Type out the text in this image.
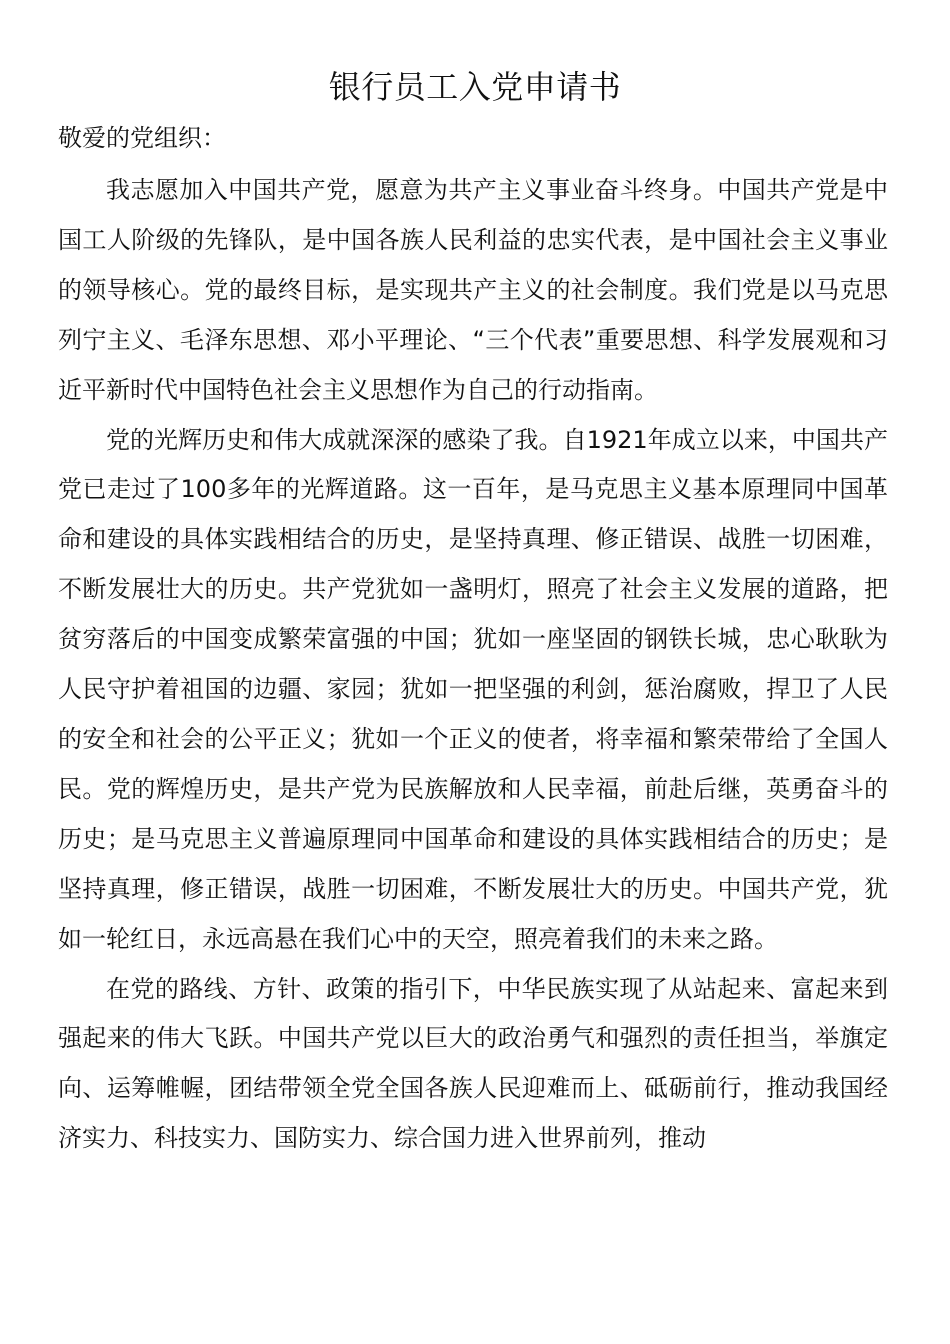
银行员工入党申请书

敬爱的党组织：

我志愿加入中国共产党，愿意为共产主义事业奋斗终身。中国共产党是中国工人阶级的先锋队，是中国各族人民利益的忠实代表，是中国社会主义事业的领导核心。党的最终目标，是实现共产主义的社会制度。我们党是以马克思列宁主义、毛泽东思想、邓小平理论、“三个代表”重要思想、科学发展观和习近平新时代中国特色社会主义思想作为自己的行动指南。

党的光辉历史和伟大成就深深的感染了我。自1921年成立以来，中国共产党已走过了100多年的光辉道路。这一百年，是马克思主义基本原理同中国革命和建设的具体实践相结合的历史，是坚持真理、修正错误、战胜一切困难，不断发展壮大的历史。共产党犹如一盏明灯，照亮了社会主义发展的道路，把贫穷落后的中国变成繁荣富强的中国；犹如一座坚固的钢铁长城，忠心耿耿为人民守护着祖国的边疆、家园；犹如一把坚强的利剑，惩治腐败，捍卫了人民的安全和社会的公平正义；犹如一个正义的使者，将幸福和繁荣带给了全国人民。党的辉煌历史，是共产党为民族解放和人民幸福，前赴后继，英勇奋斗的历史；是马克思主义普遍原理同中国革命和建设的具体实践相结合的历史；是坚持真理，修正错误，战胜一切困难，不断发展壮大的历史。中国共产党，犹如一轮红日，永远高悬在我们心中的天空，照亮着我们的未来之路。

在党的路线、方针、政策的指引下，中华民族实现了从站起来、富起来到强起来的伟大飞跃。中国共产党以巨大的政治勇气和强烈的责任担当，举旗定向、运筹帷幄，团结带领全党全国各族人民迎难而上、砥砺前行，推动我国经济实力、科技实力、国防实力、综合国力进入世界前列，推动
